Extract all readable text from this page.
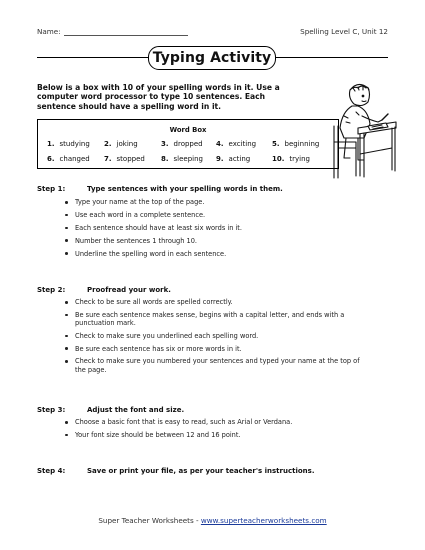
Name:	Spelling Level C, Unit 12
Typing Activity
Below is a box with 10 of your spelling words in it. Use a computer word processor to type 10 sentences. Each sentence should have a spelling word in it.
Word Box
1. studying 2. joking	3. dropped 4. exciting 5. beginning
6. changed 7. stopped 8. sleeping 9. acting	10. trying
Step 1:	Type sentences with your spelling words in them.
Type your name at the top of the page.
Use each word in a complete sentence.
Each sentence should have at least six words in it.
Number the sentences 1 through 10.
Underline the spelling word in each sentence.
Step 2:	Proofread your work.
Check to be sure all words are spelled correctly.
Be sure each sentence makes sense, begins with a capital letter, and ends with a punctuation mark.
Check to make sure you underlined each spelling word.
Be sure each sentence has six or more words in it.
Check to make sure you numbered your sentences and typed your name at the top of the page.
Step 3:	Adjust the font and size.
Choose a basic font that is easy to read, such as Arial or Verdana.
Your font size should be between 12 and 16 point.
Step 4:	Save or print your file, as per your teacher's instructions.
Super Teacher Worksheets - www.superteacherworksheets.com
